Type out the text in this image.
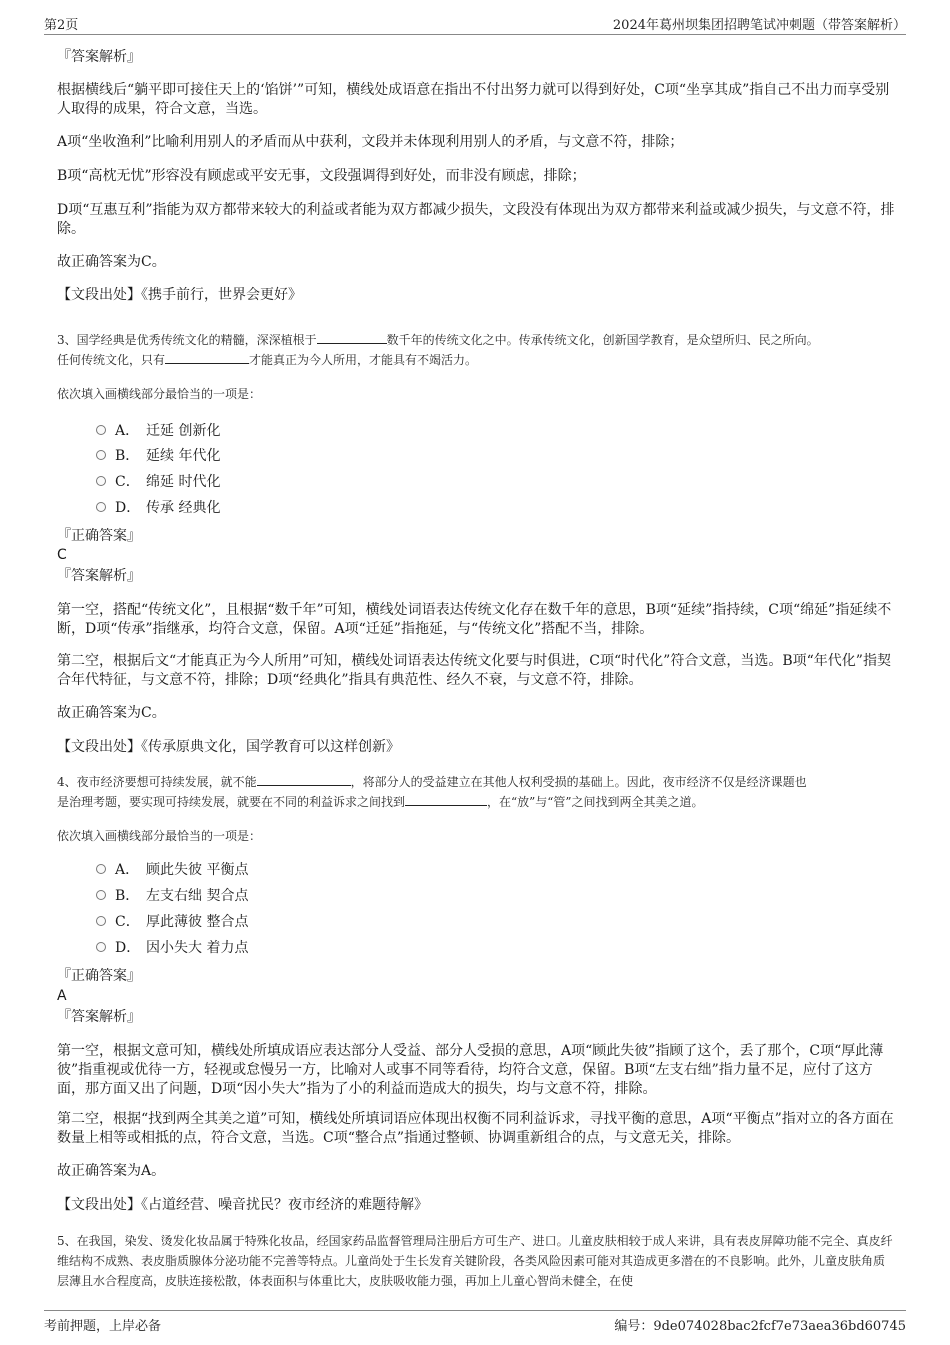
第2页	2024年葛州坝集团招聘笔试冲刺题（带答案解析）
『答案解析』

根据横线后“躺平即可接住天上的‘馅饼’”可知，横线处成语意在指出不付出努力就可以得到好处，C项“坐享其成”指自己不出力而享受别人取得的成果，符合文意，当选。

A项“坐收渔利”比喻利用别人的矛盾而从中获利，文段并未体现利用别人的矛盾，与文意不符，排除；

B项“高枕无忧”形容没有顾虑或平安无事，文段强调得到好处，而非没有顾虑，排除；

D项“互惠互利”指能为双方都带来较大的利益或者能为双方都减少损失，文段没有体现出为双方都带来利益或减少损失，与文意不符，排除。

故正确答案为C。

【文段出处】《携手前行，世界会更好》

3、国学经典是优秀传统文化的精髓，深深植根于	数千年的传统文化之中。传承传统文化，创新国学教育，是众望所归、民之所向。
任何传统文化，只有	才能真正为今人所用，才能具有不竭活力。

依次填入画横线部分最恰当的一项是：

A． 迁延 创新化
B． 延续 年代化
C． 绵延 时代化
D． 传承 经典化
『正确答案』
C
『答案解析』

第一空，搭配“传统文化”，且根据“数千年”可知，横线处词语表达传统文化存在数千年的意思，B项“延续”指持续，C项“绵延”指延续不断，D项“传承”指继承，均符合文意，保留。A项“迁延”指拖延，与“传统文化”搭配不当，排除。

第二空，根据后文“才能真正为今人所用”可知，横线处词语表达传统文化要与时俱进，C项“时代化”符合文意，当选。B项“年代化”指契合年代特征，与文意不符，排除；D项“经典化”指具有典范性、经久不衰，与文意不符，排除。

故正确答案为C。

【文段出处】《传承原典文化，国学教育可以这样创新》

4、夜市经济要想可持续发展，就不能	，将部分人的受益建立在其他人权利受损的基础上。因此，夜市经济不仅是经济课题也
是治理考题，要实现可持续发展，就要在不同的利益诉求之间找到	，在“放”与“管”之间找到两全其美之道。

依次填入画横线部分最恰当的一项是：

A． 顾此失彼 平衡点
B． 左支右绌 契合点
C． 厚此薄彼 整合点
D． 因小失大 着力点
『正确答案』
A
『答案解析』

第一空，根据文意可知，横线处所填成语应表达部分人受益、部分人受损的意思，A项“顾此失彼”指顾了这个，丢了那个，C项“厚此薄彼”指重视或优待一方，轻视或怠慢另一方，比喻对人或事不同等看待，均符合文意，保留。B项“左支右绌”指力量不足，应付了这方面，那方面又出了问题，D项“因小失大”指为了小的利益而造成大的损失，均与文意不符，排除。

第二空，根据“找到两全其美之道”可知，横线处所填词语应体现出权衡不同利益诉求，寻找平衡的意思，A项“平衡点”指对立的各方面在数量上相等或相抵的点，符合文意，当选。C项“整合点”指通过整顿、协调重新组合的点，与文意无关，排除。

故正确答案为A。

【文段出处】《占道经营、噪音扰民？夜市经济的难题待解》

5、在我国，染发、烫发化妆品属于特殊化妆品，经国家药品监督管理局注册后方可生产、进口。儿童皮肤相较于成人来讲，具有表皮屏障功能不完全、真皮纤维结构不成熟、表皮脂质腺体分泌功能不完善等特点。儿童尚处于生长发育关键阶段，各类风险因素可能对其造成更多潜在的不良影响。此外，儿童皮肤角质层薄且水合程度高，皮肤连接松散，体表面积与体重比大，皮肤吸收能力强，再加上儿童心智尚未健全，在使

考前押题，上岸必备	编号：9de074028bac2fcf7e73aea36bd60745
